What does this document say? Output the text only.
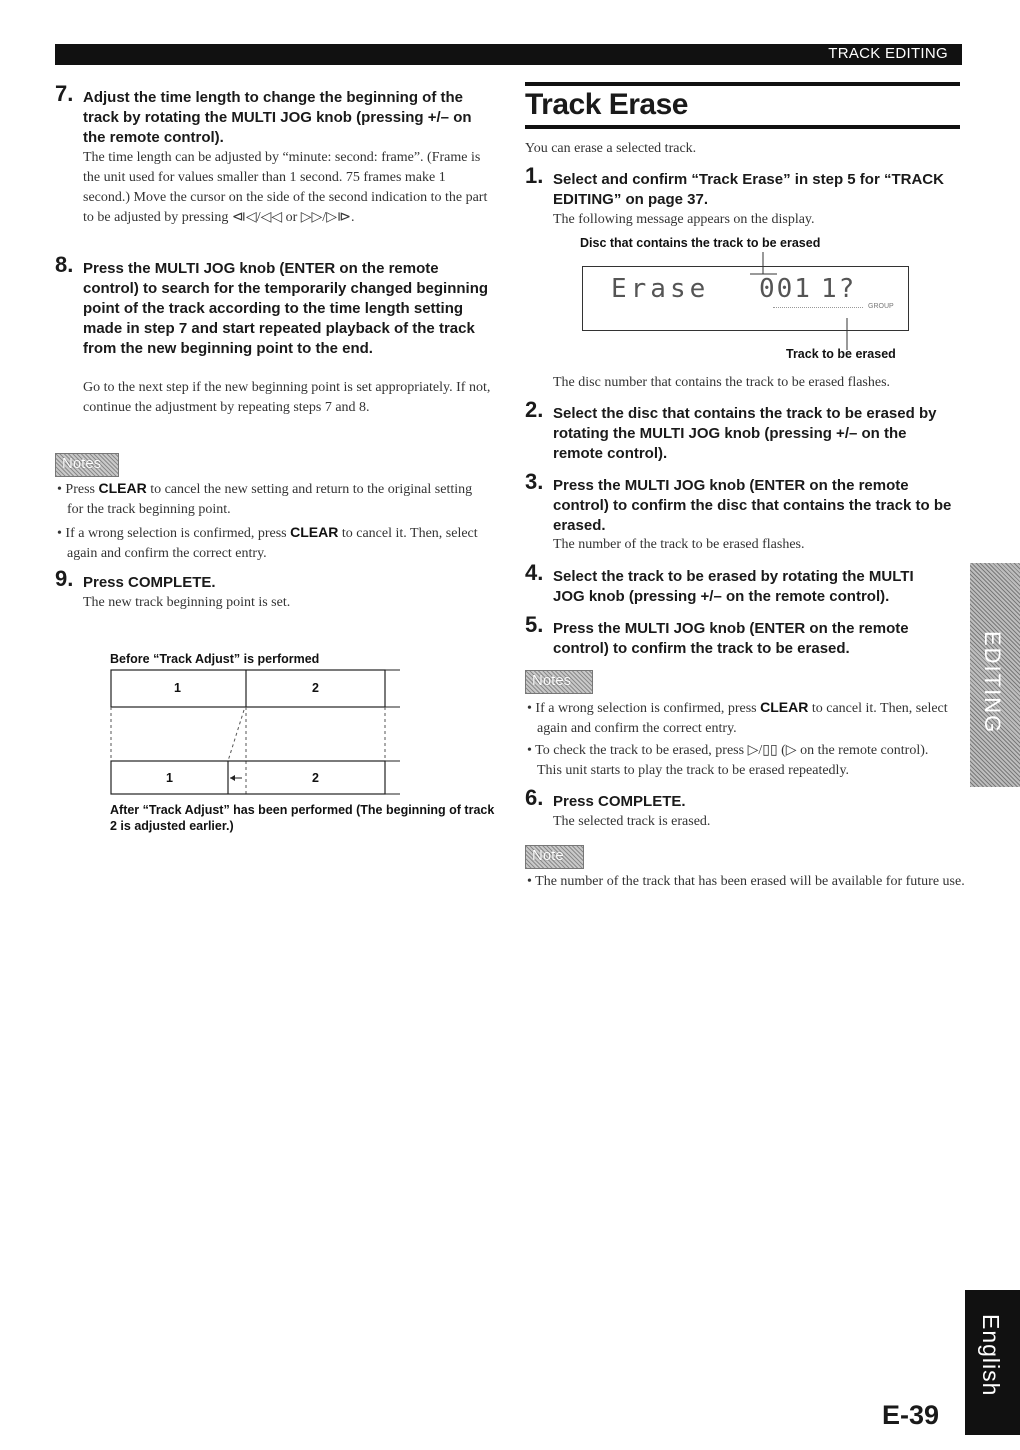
TRACK EDITING
7. Adjust the time length to change the beginning of the track by rotating the MULTI JOG knob (pressing +/– on the remote control).
The time length can be adjusted by “minute: second: frame”. (Frame is the unit used for values smaller than 1 second. 75 frames make 1 second.) Move the cursor on the side of the second indication to the part to be adjusted by pressing ⧏◁/◁◁ or ▷▷/▷⧐.
8. Press the MULTI JOG knob (ENTER on the remote control) to search for the temporarily changed beginning point of the track according to the time length setting made in step 7 and start repeated playback of the track from the new beginning point to the end.
Go to the next step if the new beginning point is set appropriately. If not, continue the adjustment by repeating steps 7 and 8.
Notes
• Press CLEAR to cancel the new setting and return to the original setting for the track beginning point.
• If a wrong selection is confirmed, press CLEAR to cancel it. Then, select again and confirm the correct entry.
9. Press COMPLETE.
The new track beginning point is set.
Before “Track Adjust” is performed
1	2
1	2
After “Track Adjust” has been performed (The beginning of track 2 is adjusted earlier.)
Track Erase
You can erase a selected track.
1. Select and confirm “Track Erase” in step 5 for “TRACK EDITING” on page 37.
The following message appears on the display.
Disc that contains the track to be erased
Erase 001 1?
GROUP
Track to be erased
The disc number that contains the track to be erased flashes.
2. Select the disc that contains the track to be erased by rotating the MULTI JOG knob (pressing +/– on the remote control).
3. Press the MULTI JOG knob (ENTER on the remote control) to confirm the disc that contains the track to be erased.
The number of the track to be erased flashes.
4. Select the track to be erased by rotating the MULTI JOG knob (pressing +/– on the remote control).
5. Press the MULTI JOG knob (ENTER on the remote control) to confirm the track to be erased.
Notes
• If a wrong selection is confirmed, press CLEAR to cancel it. Then, select again and confirm the correct entry.
• To check the track to be erased, press ▷/▯▯ (▷ on the remote control). This unit starts to play the track to be erased repeatedly.
6. Press COMPLETE.
The selected track is erased.
Note
• The number of the track that has been erased will be available for future use.
EDITING
English
E-39
